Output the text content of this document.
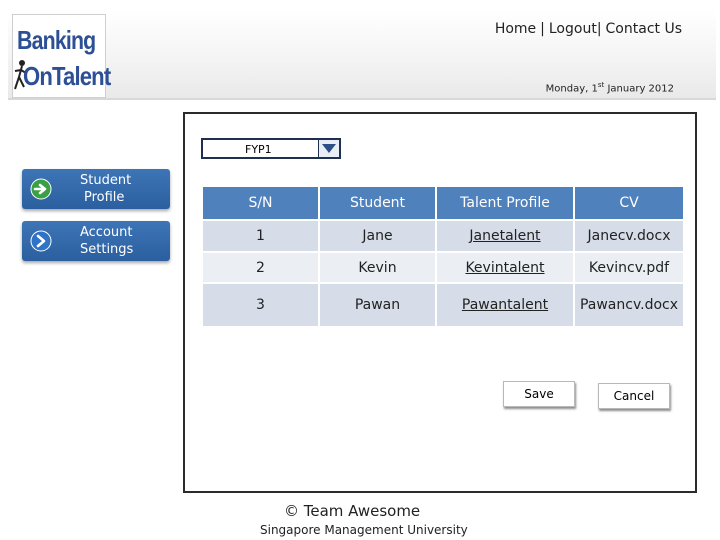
Banking
OnTalent
Home | Logout| Contact Us
Monday, 1st January 2012
Student
Profile
Account
Settings
FYP1
S/N	Student	Talent Profile	CV
1	Jane	Janetalent	Janecv.docx
2	Kevin	Kevintalent	Kevincv.pdf
3	Pawan	Pawantalent	Pawancv.docx
Save	Cancel
© Team Awesome
Singapore Management University
